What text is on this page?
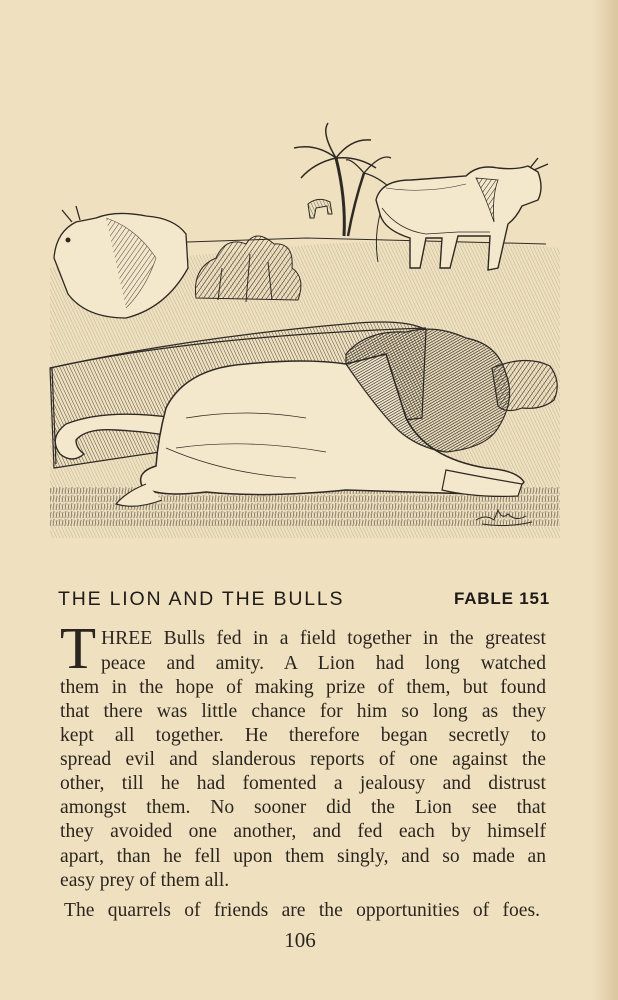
THE LION AND THE BULLS	FABLE 151
T HREE Bulls fed in a field together in the greatest
peace and amity. A Lion had long watched
them in the hope of making prize of them, but found
that there was little chance for him so long as they
kept all together. He therefore began secretly to
spread evil and slanderous reports of one against the
other, till he had fomented a jealousy and distrust
amongst them. No sooner did the Lion see that
they avoided one another, and fed each by himself
apart, than he fell upon them singly, and so made an
easy prey of them all.
The quarrels of friends are the opportunities of foes.
106
